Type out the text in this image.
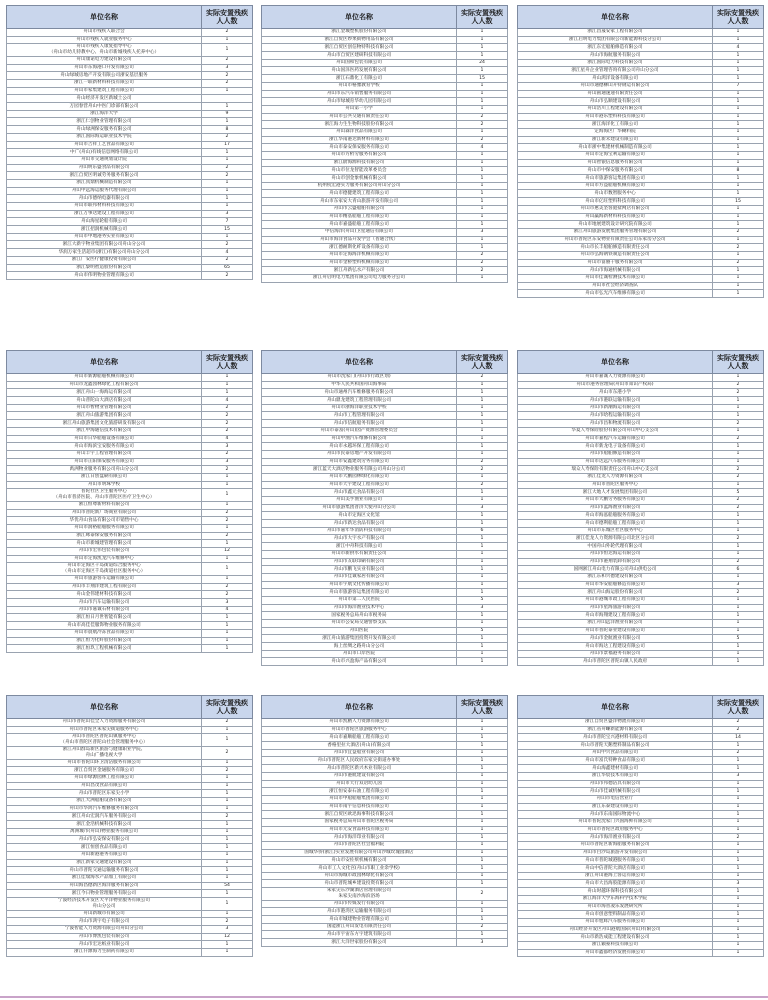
单位名称	实际安置残疾人人数
舟山市残疾人联合会	2
舟山市残疾人就业服务中心	1
舟山市残疾人康复指导中心
（舟山市幼儿特教中心、舟山市新城残疾人托养中心）	1
舟山康诺电力建设有限公司	2
舟山市东海港口开发有限公司	3
舟山绿城房地产开发有限公司浙安基层服务	2
浙江一联新材料科技有限公司	2
舟山市家集建筑工程有限公司	1
舟山经济开发区新城土公司	
万园春营舟山中医门诊部有限公司	1
浙江海洋大学	9
浙江仁创物业管理有限公司	1
舟山绿洲保安服务有限公司	8
浙江国际海运职业技术学院	2
舟山市吉祥工艺食品有限公司	17
中广(舟山)有线信息网络有限公司	1
舟山市交通规划设计院	1
舟山明东盛食品有限公司	2
浙江自贸区明诚劳务服务有限公司	2
浙江真鼎机械制造有限公司	1
舟山中远海运服务代理有限公司	1
舟山市德纳电器有限公司	1
舟山市联邦材料科技有限公司	1
浙江万事达建设工程有限公司	3
舟山海星轮船有限公司	7
浙江招润机械有限公司	15
舟山市中地港务实业有限公司	1
浙江大新宇物业集团有限公司舟山分公司	2
华润万家生活超市(浙江)有限公司舟山分公司	4
浙江广安医疗健康投资有限公司	2
浙江黎明智造股份有限公司	65
舟山市伟明物业管理有限公司	2
单位名称	实际安置残疾人人数
浙江金城塑机股份有限公司	1
浙江自贸区妙果街物用品有限公司	1
浙江自贸区创信物特科技有限公司	1
舟山市自贸区建研科技有限公司	1
舟山国和包装有限公司	24
舟山国泽医药发展有限公司	1
浙江石鼎化工有限公司	15
舟山市格雅教育学校	1
舟山市东汽车销售服务有限公司	1
舟山市绿城育华幼儿园有限公司	1
舟山第一小学	1
舟山市公共交通有限责任公司	2
浙江海力生生物科技股份有限公司	2
舟山森洋食品有限公司	1
浙江华南港达新材料有限公司	2
舟山市泰安保安服务有限公司	4
舟山市方桁劳服务有限公司	1
浙江蔚海源科技有限公司	1
舟山市位龙智能改革委员会	1
舟山市创金象机械有限公司	1
杭州杭宏港实力服务有限公司舟山分公司	1
舟山市德健建筑工程有限公司	1
舟山市东家安大青山旅游开发有限公司	1
舟山市云盛船舶有限公司	1
舟山市精基船舶工程有限公司	1
舟山市嘉盛船舶工程有限公司	1
中信海洋(舟山)卫星通信有限公司	3
舟山市海洋食品开发学会（普通合伙）	1
浙江德耐斯化纤设备有限公司	1
舟山市定海海洋机械有限公司	2
舟山市金桥塑料机械有限公司	2
浙江舟新弘水产有限公司	2
浙江舟启明电力集团有限公司电力服务分公司	1
单位名称	实际安置残疾人人数
浙江昌晟安家工程有限公司	1
浙江启明电力集团有限公司新能源科技分公司	1
浙江东宏船舶修造有限公司	4
舟山市海航服务有限公司	1
浙江国际电力科技有限公司	1
浙江星舟企业管理咨询有限公司舟山分公司	1
舟山鸿洋设备有限公司	1
舟山市通德柳山升特钢运有限公司	7
舟山圆通速递有限责任公司	1
舟山市弘顺建设有限公司	1
舟山浩川工程建设有限公司	1
舟山市港乐塑料科技有限公司	1
浙江海洋化工有限公司	1
定海海区广华糊料院	1
浙江新禾建设有限公司	1
舟山市浙中集建材机械制造有限公司	1
舟山市定海宝利运输有限公司	1
舟山智银信息服务有限公司	1
舟山市中保安服务有限公司	8
舟山市旅游客运集团有限公司	1
舟山市方益船舶机械有限公司	1
舟山市数智服务中心	1
舟山市亿旺塑料科技有限公司	15
舟山市惠美坚客庭盐网店有限公司	1
舟山贏海新材料科技有限公司	1
舟山市地展建筑设计研究院有限公司	1
浙江舟山旅游发展集团服务管理有限公司	2
舟山市普陀区东安物业有限责任公司东家房分公司	1
舟山市长丰船舶修造有限责任公司	2
舟山市弘海钢铁制造有限责任公司	1
舟山市富丽干服务有限公司	2
舟山市海通机械有限公司	1
舟山市佳诚检测技术有限公司	1
舟山市社会经济调查队	1
舟山市弘光汽车维修有限公司	1
单位名称	实际安置残疾人人数
舟山市新源船舶机械有限公司	1
舟山市龙鑫园林绿化工程有限公司	1
浙江舟山一海海运有限公司	1
舟山普陀山大酒店有限公司	4
舟山市暂物业管理有限公司	2
浙江舟山旅游集团有限公司	2
浙江舟山旅游集团文化旅游研发有限公司	2
浙江中海通信技术有限公司	2
舟山市日华船舶设备有限公司	4
舟山市海滨宝安服务有限公司	3
舟山丰宇工程管理有限公司	2
舟山市正阳保安服务有限公司	3
禹洲物业服务有限公司舟山分公司	2
浙江日创盘刷有限公司	1
舟山市明珠学校	1
普陀社区卫生服务中心
（舟山市普济医院、舟山市普陀区医疗卫生中心）	1
浙江恒尊新材料有限公司	1
舟山市普陀新广场商业有限公司	2
华优舟山食品有限公司市销售中心	2
舟山市润裕船舶服务有限公司	1
浙江咏泰保安服务有限公司	2
舟山市新城建管理有限公司	1
舟山市宏伟包装有限公司	12
舟山市定海凯龙汽车维修中心	1
舟山市定海区千岛街道综合服务中心
（舟山市定海区千岛街道社区服务中心）	1
舟山市旅游客车运输有限公司	1
舟山市丰翔洋建筑工程有限公司	2
舟山金伟建材科技有限公司	2
舟山市汽车运输有限公司	3
舟山市嘉诚石材有限公司	4
浙江恒日月世智能有限公司	1
舟山市高佳佳服饰物业服务有限公司	1
舟山市晨航冷冻食品有限公司	1
浙江恒力化纤股份有限公司	1
浙江恒玖工程机械有限公司	1
单位名称	实际安置残疾人人数
舟山市沈家门(舟山市行政区划)	2
中华人民共和国舟山海事局	1
舟山市通州汽车维修服务有限公司	1
舟山鼎龙建筑工程管理有限公司	1
舟山市浙海洋职业技术学校	1
舟山市工程管理有限公司	1
舟山市信航船务有限公司	1
舟山市泰富(舟山)园产资源管理委员会	1
舟山中渔汽车维修有限公司	1
舟山市永越环保工程有限公司	1
舟山市民泰房地产开发有限公司	1
舟山市安鑫建筑劳务有限公司	2
浙江蓝天大酒店物业服务有限公司舟山分公司	2
舟山市大鹏园林绿化有限公司	1
舟山市天宇建设工程有限公司	2
舟山市鑫元食品有限公司	1
舟山美孚渔业有限公司	1
舟山市旅游集团普济天使舟山分公司	3
舟山市定海区文化馆	1
舟山市新达食品有限公司	1
舟山市嘉年华消防科技有限公司	6
舟山市大宇水产有限公司	1
浙江中舟科技有限公司	1
舟山市新供水有限责任公司	1
舟山市友联印刷有限公司	1
舟山市鹏飞实业有限公司	1
舟山市佳诚家居有限公司	1
舟山市宇航文化传播有限公司	1
舟山市旅游客运集团有限公司	1
舟山市第二人民医院	5
舟山市海洋渔业技术中心	3
国家税务总局舟山市税务局	1
舟山市公安局交通警察支队	1
舟山医院	5
浙江舟山旅游集团投资开发有限公司	1
海上丝绸之路舟山分公司	1
舟山市口岸医院	1
舟山市兴盈海产品有限公司	1
单位名称	实际安置残疾人人数
舟山市嘉诚人力资源有限公司	1
舟山市港务管理局(舟山市知识产权局)	2
舟山市东港小学	2
舟山市港联运输有限公司	1
舟山市新潮海运有限公司	1
舟山市晗程运输有限公司	1
舟山市昌和物流有限公司	2
华夏人寿保险股份有限公司舟山中心支公司	1
舟山市嘉程汽车运输有限公司	2
舟山市新龙电子设备有限公司	1
舟山市船舶修造有限公司	1
舟山市达远汽车服务有限公司	1
瑞众人寿保险有限责任公司舟山中心支公司	2
浙江佳龙人力资源有限公司	2
舟山市普陀区服务中心	1
浙江大地人才发展集团有限公司	5
舟山市大鹏劳务服务有限公司	2
舟山市蓝海渔业有限公司	2
舟山市海泓船舶服务有限公司	1
舟山市德利船舶工程有限公司	1
舟山市东城区社区服务中心	1
浙江佳龙人力资源有限公司北区分公司	2
中国舟山外轮代理有限公司	1
舟山市恒达海运有限公司	1
舟山市港翔装卸有限公司	2
国网浙江舟山电力有限公司舟山供电公司	6
浙江东和兴德建设有限公司	1
舟山市华安船舶修造有限公司	3
浙江舟山海运股份有限公司	2
舟山市港城市政工程有限公司	1
舟山市星海旅游有限公司	1
舟山市海翔建设工程有限公司	1
浙江舟山远洋渔业有限公司	1
舟山市普陀泰业建设有限公司	1
舟山市金航渔业有限公司	5
舟山市海达工程建设有限公司	1
舟山市景福港务有限公司	1
舟山市普陀区普陀山镇人民政府	1
单位名称	实际安置残疾人人数
舟山市普陀山佳全人力资源服务有限公司	2
舟山市普陀区朱家尖街道服务中心	1
舟山市普陀区普陀山镇服务中心
（舟山市普陀区普陀山社会管理服务中心）	1
浙江舟山群岛新区旅游与健康职业学院、
舟山广播电视大学	2
舟山市普陀山环卫清洁服务有限公司	1
浙江自贸区金通服务有限公司	2
舟山市绿源园林工程有限公司	1
舟山昌茂食品有限公司	1
舟山市普陀区东家尖小学	1
浙江大洲船舶设备有限公司	1
舟山市华鸿汽车维修服务有限公司	1
浙江舟山宏润汽车服务有限公司	2
浙江金浩机械科技有限公司	1
禹洲城市(舟山)物业服务有限公司	1
舟山市弘安保安有限公司	1
浙江恒创食品有限公司	1
舟山新港港务有限公司	1
浙江新家交通建设有限公司	1
舟山市普陀交通运输服务有限公司	1
浙江佳瑞海水产品加工有限公司	1
舟山海昌德新区海洋服务有限公司	54
浙江今日物业管理服务有限公司	1
宁波经济技术开发区大平洋物业服务有限公司
舟山分公司	1
舟山新城市有限公司	1
舟山市鸿宇电子有限公司	2
宁波智能人力资源有限公司舟山分公司	3
舟山市博凯包装有限公司	12
舟山市宏达纸业有限公司	1
浙江仟源海力生制药有限公司	1
单位名称	实际安置残疾人人数
舟山市凯精人力资源有限公司	1
舟山市普陀区旅游服务中心	1
舟山市嘉顺船舶工程有限公司	1
香格里拉大酒店(舟山)有限公司	1
舟山市宜益船业有限公司	1
舟山市普陀区人民政府东家尖街道办事处	1
舟山市普陀区新兴木业有限公司	1
舟山市港航建设有限公司	1
舟山市天行双语幼儿园	1
浙江恒安泰石油工程有限公司	1
舟山市中船船舶集团有限公司	1
舟山市南宇信息科技有限公司	1
浙江自贸区欧迅海事科技有限公司	1
国家税务总局舟山市普陀区税务局	1
舟山市元安食品科技有限公司	1
舟山市海洋印业有限公司	1
舟山市普陀区社会福利院	1
国城华侨(浙江)实业发展有限公司舟山沙城玫瑰园酒店	1
舟山市安佐殡机械有限公司	1
舟山市工人文化宫(舟山市职工业余学校)	1
舟山市海城市政园林绿化有限公司	1
舟山市普陀城乡建设投资有限公司	1
朱家尖东沙湖酒店管理有限公司
朱家尖南沙海滨浴场	2
舟山市传媒发行有限公司	1
舟山市港湾区运输服务有限公司	1
舟山市城建物业管理有限公司	1
国能浙江舟山发电有限责任公司	2
舟山市宇宙东方宇建筑有限公司	1
浙江大洋世家股份有限公司	3
单位名称	实际安置残疾人人数
浙江自贸区盛洋物流有限公司	2
浙江省舟嵊新能源有限公司	2
舟山市普陀宝兴港材料有限公司	14
舟山市普陀天鹅塑料制品有限公司	1
舟山中兴食品有限公司	2
舟山市富氏特种食品有限公司	1
舟山海鑫建材有限公司	1
浙江华宸技术有限公司	3
舟山市邦德洁具有限公司	1
舟山市佳诚机械有限公司	1
舟山市电信营业厅	1
浙江东泰建设有限公司	1
舟山市东南国际物流中心	1
舟山市普陀沈家门兴国海鲜有限公司	1
舟山市普陀区政府服务中心	1
舟山市海洋渔业有限公司	2
舟山市普陀区新海船服务有限公司	1
舟山市白沙岛旅游开发有限公司	1
舟山市普陀城港服务有限公司	1
舟山中信普陀大酒店有限公司	1
浙江舟山港海上客运有限公司	1
舟山市大昌海胶能源有限公司	3
舟山时越环保科技有限公司	1
浙江海洋大学东海科学技术学院	1
舟山市海普凌乐发展研究所	1
舟山市创意塑料制品有限公司	1
舟山市旭辉汽车服务有限公司	1
舟山经济开发区舟山港航国际(舟山)有限公司	1
舟山市新浩成能工程建设有限公司	1
浙江颖豪科技有限公司	1
舟山市鑫都经济发展有限公司	1
